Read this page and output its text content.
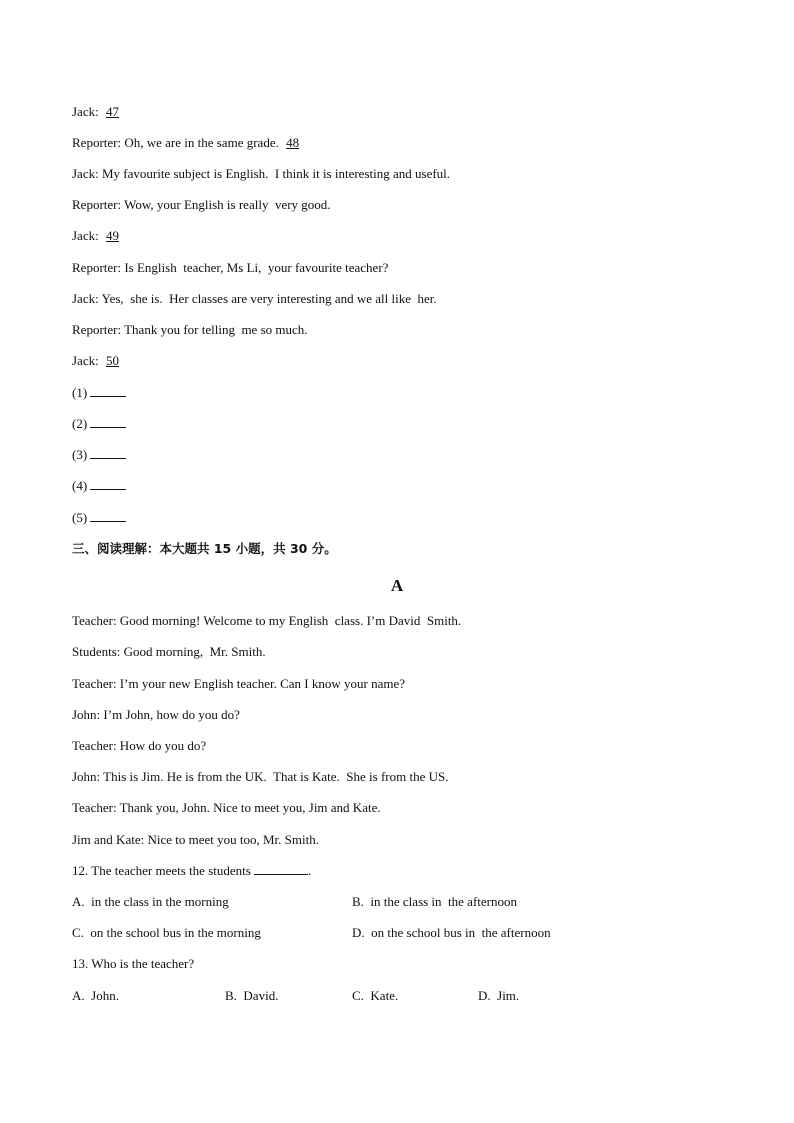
Jack: 47
Reporter: Oh, we are in the same grade. 48
Jack: My favourite subject is English.  I think it is interesting and useful.
Reporter: Wow, your English is really  very good.
Jack: 49
Reporter: Is English  teacher, Ms Li,  your favourite teacher?
Jack: Yes,  she is.  Her classes are very interesting and we all like  her.
Reporter: Thank you for telling  me so much.
Jack: 50
(1)
(2)
(3)
(4)
(5)
三、阅读理解：本大题共 15 小题，共 30 分。
A
Teacher: Good morning! Welcome to my English  class. I’m David  Smith.
Students: Good morning,  Mr. Smith.
Teacher: I’m your new English teacher. Can I know your name?
John: I’m John, how do you do?
Teacher: How do you do?
John: This is Jim. He is from the UK.  That is Kate.  She is from the US.
Teacher: Thank you, John. Nice to meet you, Jim and Kate.
Jim and Kate: Nice to meet you too, Mr. Smith.
12. The teacher meets the students	.
A.  in the class in the morning	B.  in the class in  the afternoon
C.  on the school bus in the morning	D.  on the school bus in  the afternoon
13. Who is the teacher?
A.  John.	B.  David.	C.  Kate.	D.  Jim.
